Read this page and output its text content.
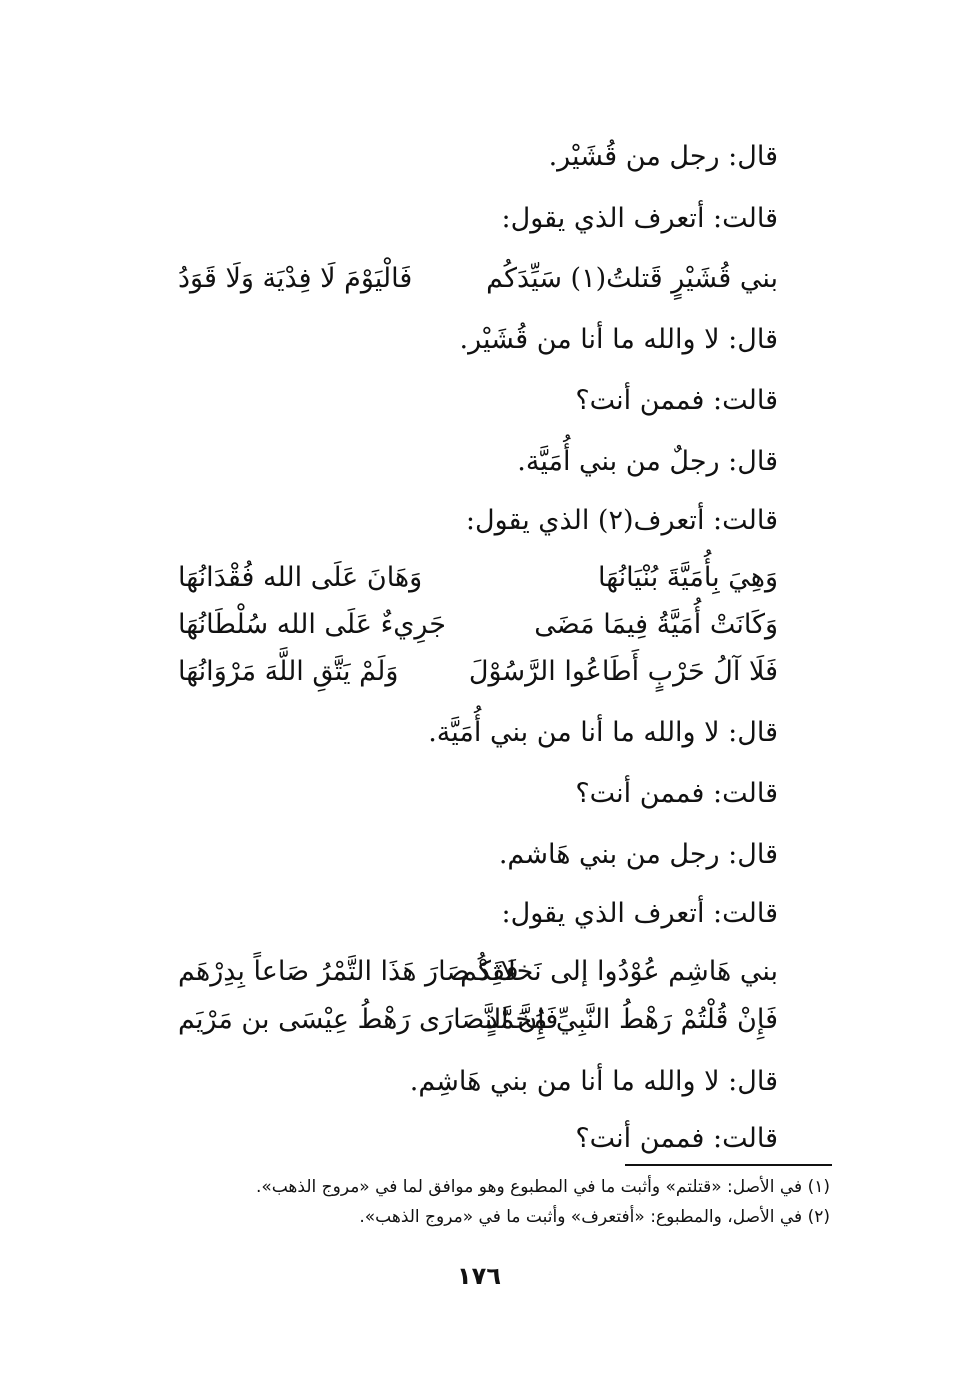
قال: رجل من قُشَيْر.
قالت: أتعرف الذي يقول:
بني قُشَيْرٍ قَتلتُ(١) سَيِّدَكُم
فَالْيَوْمَ لَا فِدْيَة وَلَا قَوَدُ
قال: لا والله ما أنا من قُشَيْر.
قالت: فممن أنت؟
قال: رجلٌ من بني أُمَيَّة.
قالت: أتعرف(٢) الذي يقول:
وَهِيَ بِأُمَيَّةَ بُنْيَانُهَا
وَهَانَ عَلَى الله فُقْدَانُهَا
وَكَانَتْ أُمَيَّةُ فِيمَا مَضَى
جَرِيءٌ عَلَى الله سُلْطَانُهَا
فَلَا آلُ حَرْبٍ أَطَاعُوا الرَّسُوْلَ
وَلَمْ يَتَّقِ اللَّهَ مَرْوَانُهَا
قال: لا والله ما أنا من بني أُمَيَّة.
قالت: فممن أنت؟
قال: رجل من بني هَاشم.
قالت: أتعرف الذي يقول:
بني هَاشِم عُوْدُوا إلى نَخلاتِكُم
فَقَدْ صَارَ هَذَا التَّمْرُ صَاعاً بِدِرْهَم
فَإِنْ قُلْتُمْ رَهْطُ النَّبِيِّ مُحَمَّدٍ
فَإِنَّ النَّصَارَى رَهْطُ عِيْسَى بن مَرْيَم
قال: لا والله ما أنا من بني هَاشِم.
قالت: فممن أنت؟
(١) في الأصل: «قتلتم» وأثبت ما في المطبوع وهو موافق لما في «مروج الذهب».
(٢) في الأصل، والمطبوع: «أفتعرف» وأثبت ما في «مروج الذهب».
١٧٦
